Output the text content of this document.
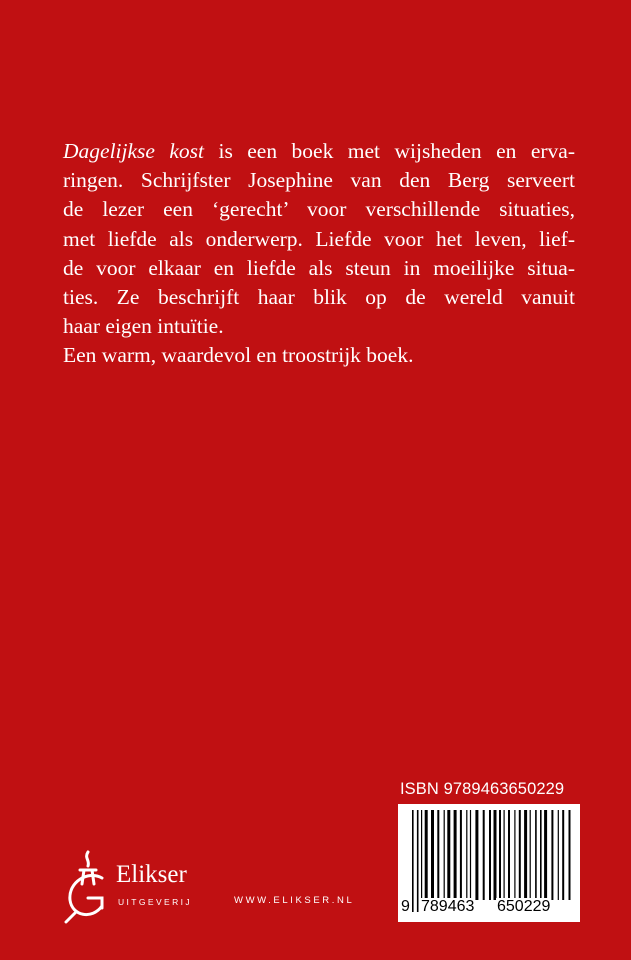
Dagelijkse kost is een boek met wijsheden en erva-
ringen. Schrijfster Josephine van den Berg serveert
de lezer een ‘gerecht’ voor verschillende situaties,
met liefde als onderwerp. Liefde voor het leven, lief-
de voor elkaar en liefde als steun in moeilijke situa-
ties. Ze beschrijft haar blik op de wereld vanuit
haar eigen intuïtie.
Een warm, waardevol en troostrijk boek.
ISBN 9789463650229
9 789463 650229
Elikser
UITGEVERIJ	WWW.ELIKSER.NL
